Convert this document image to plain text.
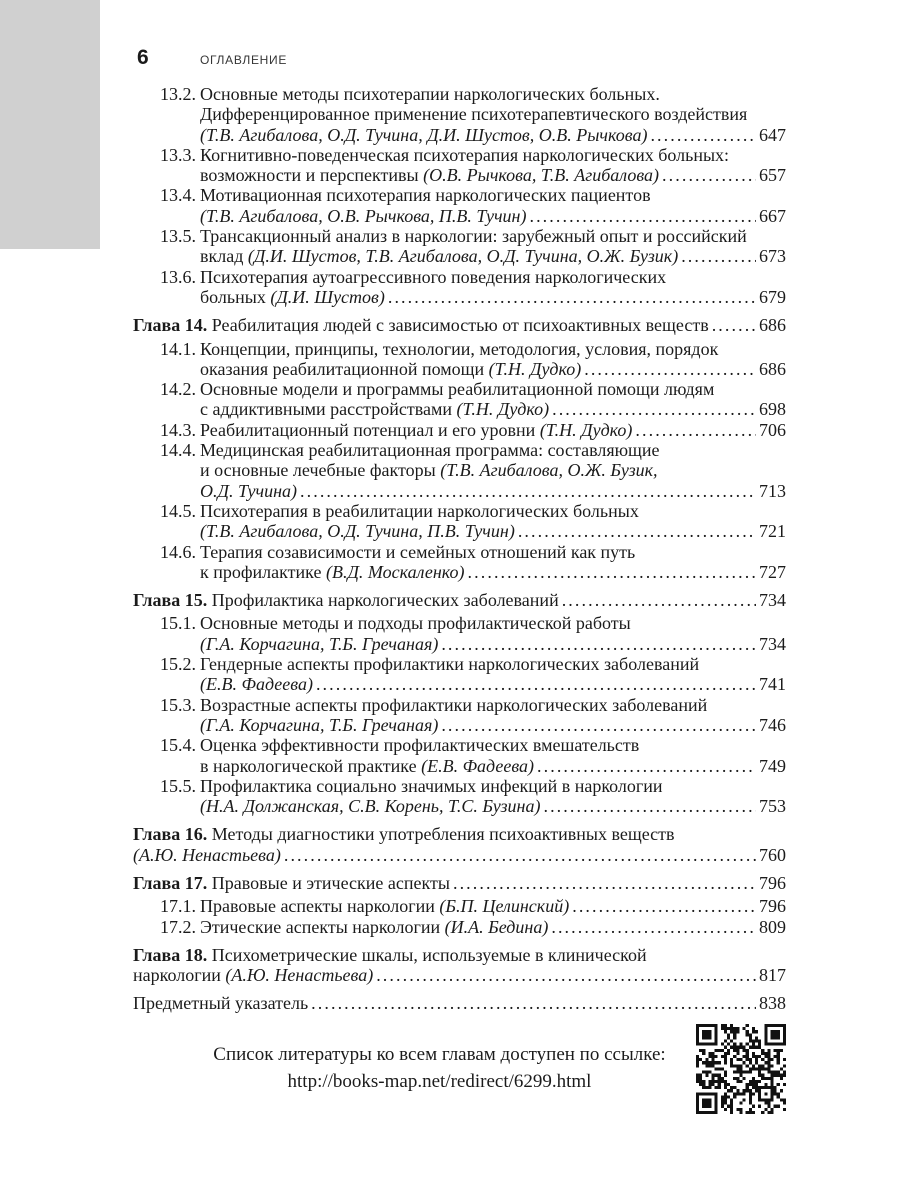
6	ОГЛАВЛЕНИЕ
13.2. Основные методы психотерапии наркологических больных.
Дифференцированное применение психотерапевтического воздействия
(Т.В. Агибалова, О.Д. Тучина, Д.И. Шустов, О.В. Рычкова) .....	647
13.3. Когнитивно-поведенческая психотерапия наркологических больных:
возможности и перспективы (О.В. Рычкова, Т.В. Агибалова) .....	657
13.4. Мотивационная психотерапия наркологических пациентов
(Т.В. Агибалова, О.В. Рычкова, П.В. Тучин) .....	667
13.5. Трансакционный анализ в наркологии: зарубежный опыт и российский
вклад (Д.И. Шустов, Т.В. Агибалова, О.Д. Тучина, О.Ж. Бузик) .....	673
13.6. Психотерапия аутоагрессивного поведения наркологических
больных (Д.И. Шустов) .....	679
Глава 14. Реабилитация людей с зависимостью от психоактивных веществ .....	686
14.1. Концепции, принципы, технологии, методология, условия, порядок
оказания реабилитационной помощи (Т.Н. Дудко) .....	686
14.2. Основные модели и программы реабилитационной помощи людям
с аддиктивными расстройствами (Т.Н. Дудко) .....	698
14.3. Реабилитационный потенциал и его уровни (Т.Н. Дудко) .....	706
14.4. Медицинская реабилитационная программа: составляющие
и основные лечебные факторы (Т.В. Агибалова, О.Ж. Бузик,
О.Д. Тучина) .....	713
14.5. Психотерапия в реабилитации наркологических больных
(Т.В. Агибалова, О.Д. Тучина, П.В. Тучин) .....	721
14.6. Терапия созависимости и семейных отношений как путь
к профилактике (В.Д. Москаленко) .....	727
Глава 15. Профилактика наркологических заболеваний .....	734
15.1. Основные методы и подходы профилактической работы
(Г.А. Корчагина, Т.Б. Гречаная) .....	734
15.2. Гендерные аспекты профилактики наркологических заболеваний
(Е.В. Фадеева) .....	741
15.3. Возрастные аспекты профилактики наркологических заболеваний
(Г.А. Корчагина, Т.Б. Гречаная) .....	746
15.4. Оценка эффективности профилактических вмешательств
в наркологической практике (Е.В. Фадеева) .....	749
15.5. Профилактика социально значимых инфекций в наркологии
(Н.А. Должанская, С.В. Корень, Т.С. Бузина) .....	753
Глава 16. Методы диагностики употребления психоактивных веществ
(А.Ю. Ненастьева) .....	760
Глава 17. Правовые и этические аспекты .....	796
17.1. Правовые аспекты наркологии (Б.П. Целинский) .....	796
17.2. Этические аспекты наркологии (И.А. Бедина) .....	809
Глава 18. Психометрические шкалы, используемые в клинической
наркологии (А.Ю. Ненастьева) .....	817
Предметный указатель .....	838
Список литературы ко всем главам доступен по ссылке:
http://books-map.net/redirect/6299.html
